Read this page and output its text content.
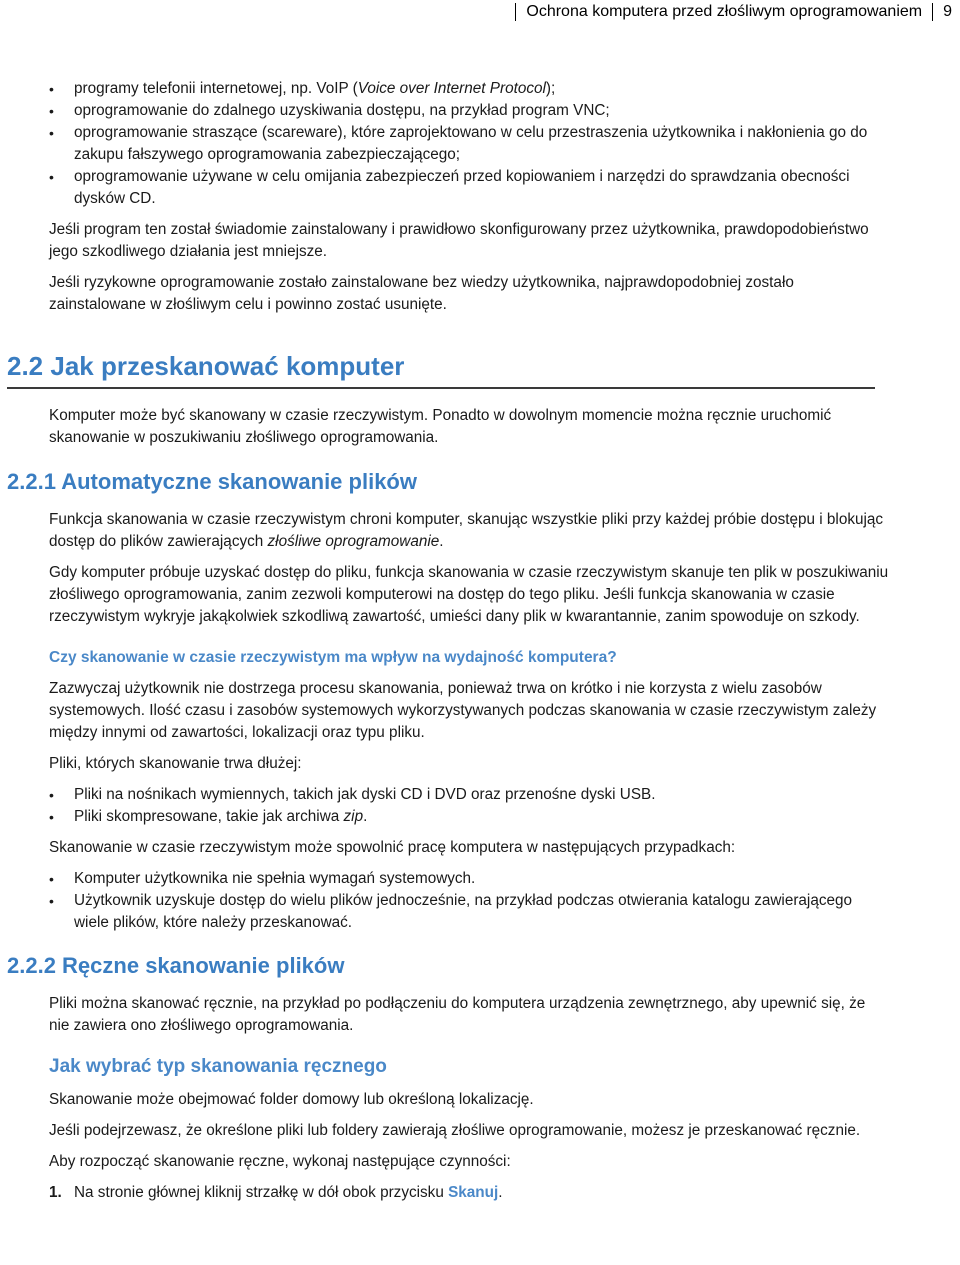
Ochrona komputera przed złośliwym oprogramowaniem 9
• programy telefonii internetowej, np. VoIP (Voice over Internet Protocol);
• oprogramowanie do zdalnego uzyskiwania dostępu, na przykład program VNC;
• oprogramowanie straszące (scareware), które zaprojektowano w celu przestraszenia użytkownika i nakłonienia go do zakupu fałszywego oprogramowania zabezpieczającego;
• oprogramowanie używane w celu omijania zabezpieczeń przed kopiowaniem i narzędzi do sprawdzania obecności dysków CD.

Jeśli program ten został świadomie zainstalowany i prawidłowo skonfigurowany przez użytkownika, prawdopodobieństwo jego szkodliwego działania jest mniejsze.

Jeśli ryzykowne oprogramowanie zostało zainstalowane bez wiedzy użytkownika, najprawdopodobniej zostało zainstalowane w złośliwym celu i powinno zostać usunięte.

2.2 Jak przeskanować komputer

Komputer może być skanowany w czasie rzeczywistym. Ponadto w dowolnym momencie można ręcznie uruchomić skanowanie w poszukiwaniu złośliwego oprogramowania.

2.2.1 Automatyczne skanowanie plików

Funkcja skanowania w czasie rzeczywistym chroni komputer, skanując wszystkie pliki przy każdej próbie dostępu i blokując dostęp do plików zawierających złośliwe oprogramowanie.

Gdy komputer próbuje uzyskać dostęp do pliku, funkcja skanowania w czasie rzeczywistym skanuje ten plik w poszukiwaniu złośliwego oprogramowania, zanim zezwoli komputerowi na dostęp do tego pliku. Jeśli funkcja skanowania w czasie rzeczywistym wykryje jakąkolwiek szkodliwą zawartość, umieści dany plik w kwarantannie, zanim spowoduje on szkody.

Czy skanowanie w czasie rzeczywistym ma wpływ na wydajność komputera?

Zazwyczaj użytkownik nie dostrzega procesu skanowania, ponieważ trwa on krótko i nie korzysta z wielu zasobów systemowych. Ilość czasu i zasobów systemowych wykorzystywanych podczas skanowania w czasie rzeczywistym zależy między innymi od zawartości, lokalizacji oraz typu pliku.

Pliki, których skanowanie trwa dłużej:

• Pliki na nośnikach wymiennych, takich jak dyski CD i DVD oraz przenośne dyski USB.
• Pliki skompresowane, takie jak archiwa zip.

Skanowanie w czasie rzeczywistym może spowolnić pracę komputera w następujących przypadkach:

• Komputer użytkownika nie spełnia wymagań systemowych.
• Użytkownik uzyskuje dostęp do wielu plików jednocześnie, na przykład podczas otwierania katalogu zawierającego wiele plików, które należy przeskanować.
2.2.2 Ręczne skanowanie plików

Pliki można skanować ręcznie, na przykład po podłączeniu do komputera urządzenia zewnętrznego, aby upewnić się, że nie zawiera ono złośliwego oprogramowania.

Jak wybrać typ skanowania ręcznego

Skanowanie może obejmować folder domowy lub określoną lokalizację.

Jeśli podejrzewasz, że określone pliki lub foldery zawierają złośliwe oprogramowanie, możesz je przeskanować ręcznie.

Aby rozpocząć skanowanie ręczne, wykonaj następujące czynności:

1. Na stronie głównej kliknij strzałkę w dół obok przycisku Skanuj.
